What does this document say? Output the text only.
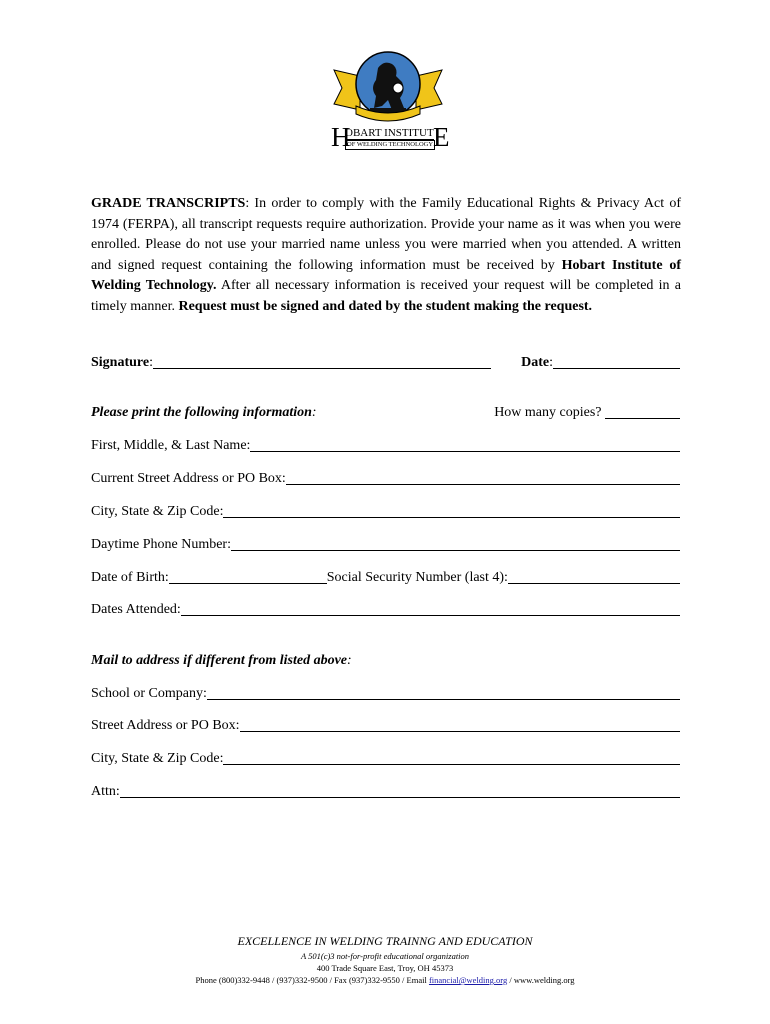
H
OBART INSTITUT E
OF WELDING TECHNOLOGY
GRADE TRANSCRIPTS: In order to comply with the Family Educational Rights & Privacy Act of 1974 (FERPA), all transcript requests require authorization. Provide your name as it was when you were enrolled. Please do not use your married name unless you were married when you attended. A written and signed request containing the following information must be received by Hobart Institute of Welding Technology. After all necessary information is received your request will be completed in a timely manner. Request must be signed and dated by the student making the request.
Signature :	Date :
Please print the following information :	How many copies?
First, Middle, & Last Name:
Current Street Address or PO Box:
City, State & Zip Code:
Daytime Phone Number:
Date of Birth:	Social Security Number (last 4):
Dates Attended:
Mail to address if different from listed above :
School or Company:
Street Address or PO Box:
City, State & Zip Code:
Attn:
EXCELLENCE IN WELDING TRAINNG AND EDUCATION
A 501(c)3 not-for-profit educational organization
400 Trade Square East, Troy, OH 45373
Phone (800)332-9448 / (937)332-9500 / Fax (937)332-9550 / Email financial@welding.org / www.welding.org
